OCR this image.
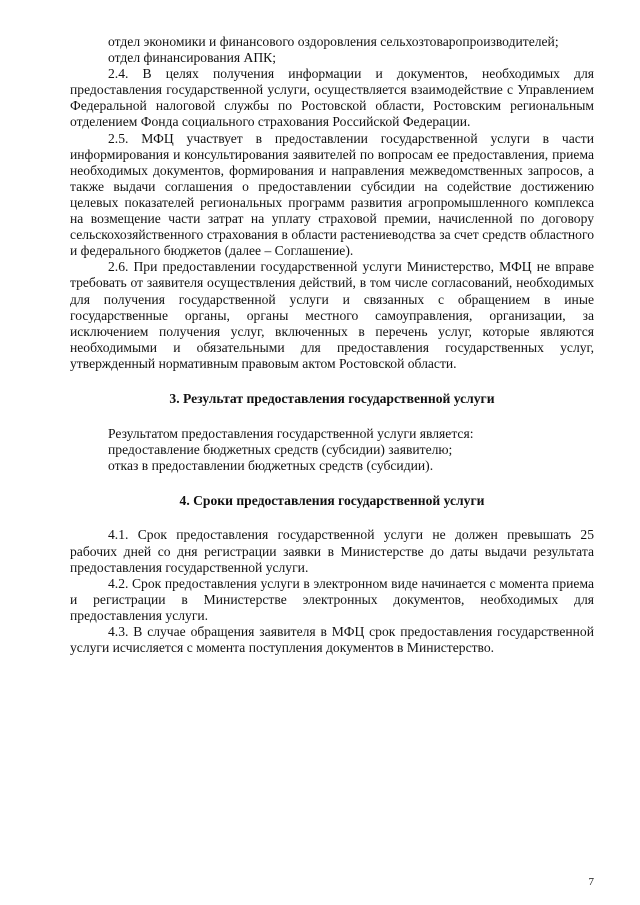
отдел экономики и финансового оздоровления сельхозтоваропроизводителей;

отдел финансирования АПК;

2.4. В целях получения информации и документов, необходимых для предоставления государственной услуги, осуществляется взаимодействие с Управлением Федеральной налоговой службы по Ростовской области, Ростовским региональным отделением Фонда социального страхования Российской Федерации.

2.5. МФЦ участвует в предоставлении государственной услуги в части информирования и консультирования заявителей по вопросам ее предоставления, приема необходимых документов, формирования и направления межведомственных запросов, а также выдачи соглашения о предоставлении субсидии на содействие достижению целевых показателей региональных программ развития агропромышленного комплекса на возмещение части затрат на уплату страховой премии, начисленной по договору сельскохозяйственного страхования в области растениеводства за счет средств областного и федерального бюджетов (далее – Соглашение).

2.6. При предоставлении государственной услуги Министерство, МФЦ не вправе требовать от заявителя осуществления действий, в том числе согласований, необходимых для получения государственной услуги и связанных с обращением в иные государственные органы, органы местного самоуправления, организации, за исключением получения услуг, включенных в перечень услуг, которые являются необходимыми и обязательными для предоставления государственных услуг, утвержденный нормативным правовым актом Ростовской области.

3. Результат предоставления государственной услуги

Результатом предоставления государственной услуги является:

предоставление бюджетных средств (субсидии) заявителю;

отказ в предоставлении бюджетных средств (субсидии).

4. Сроки предоставления государственной услуги

4.1. Срок предоставления государственной услуги не должен превышать 25 рабочих дней со дня регистрации заявки в Министерстве до даты выдачи результата предоставления государственной услуги.

4.2. Срок предоставления услуги в электронном виде начинается с момента приема и регистрации в Министерстве электронных документов, необходимых для предоставления услуги.

4.3. В случае обращения заявителя в МФЦ срок предоставления государственной услуги исчисляется с момента поступления документов в Министерство.

7
